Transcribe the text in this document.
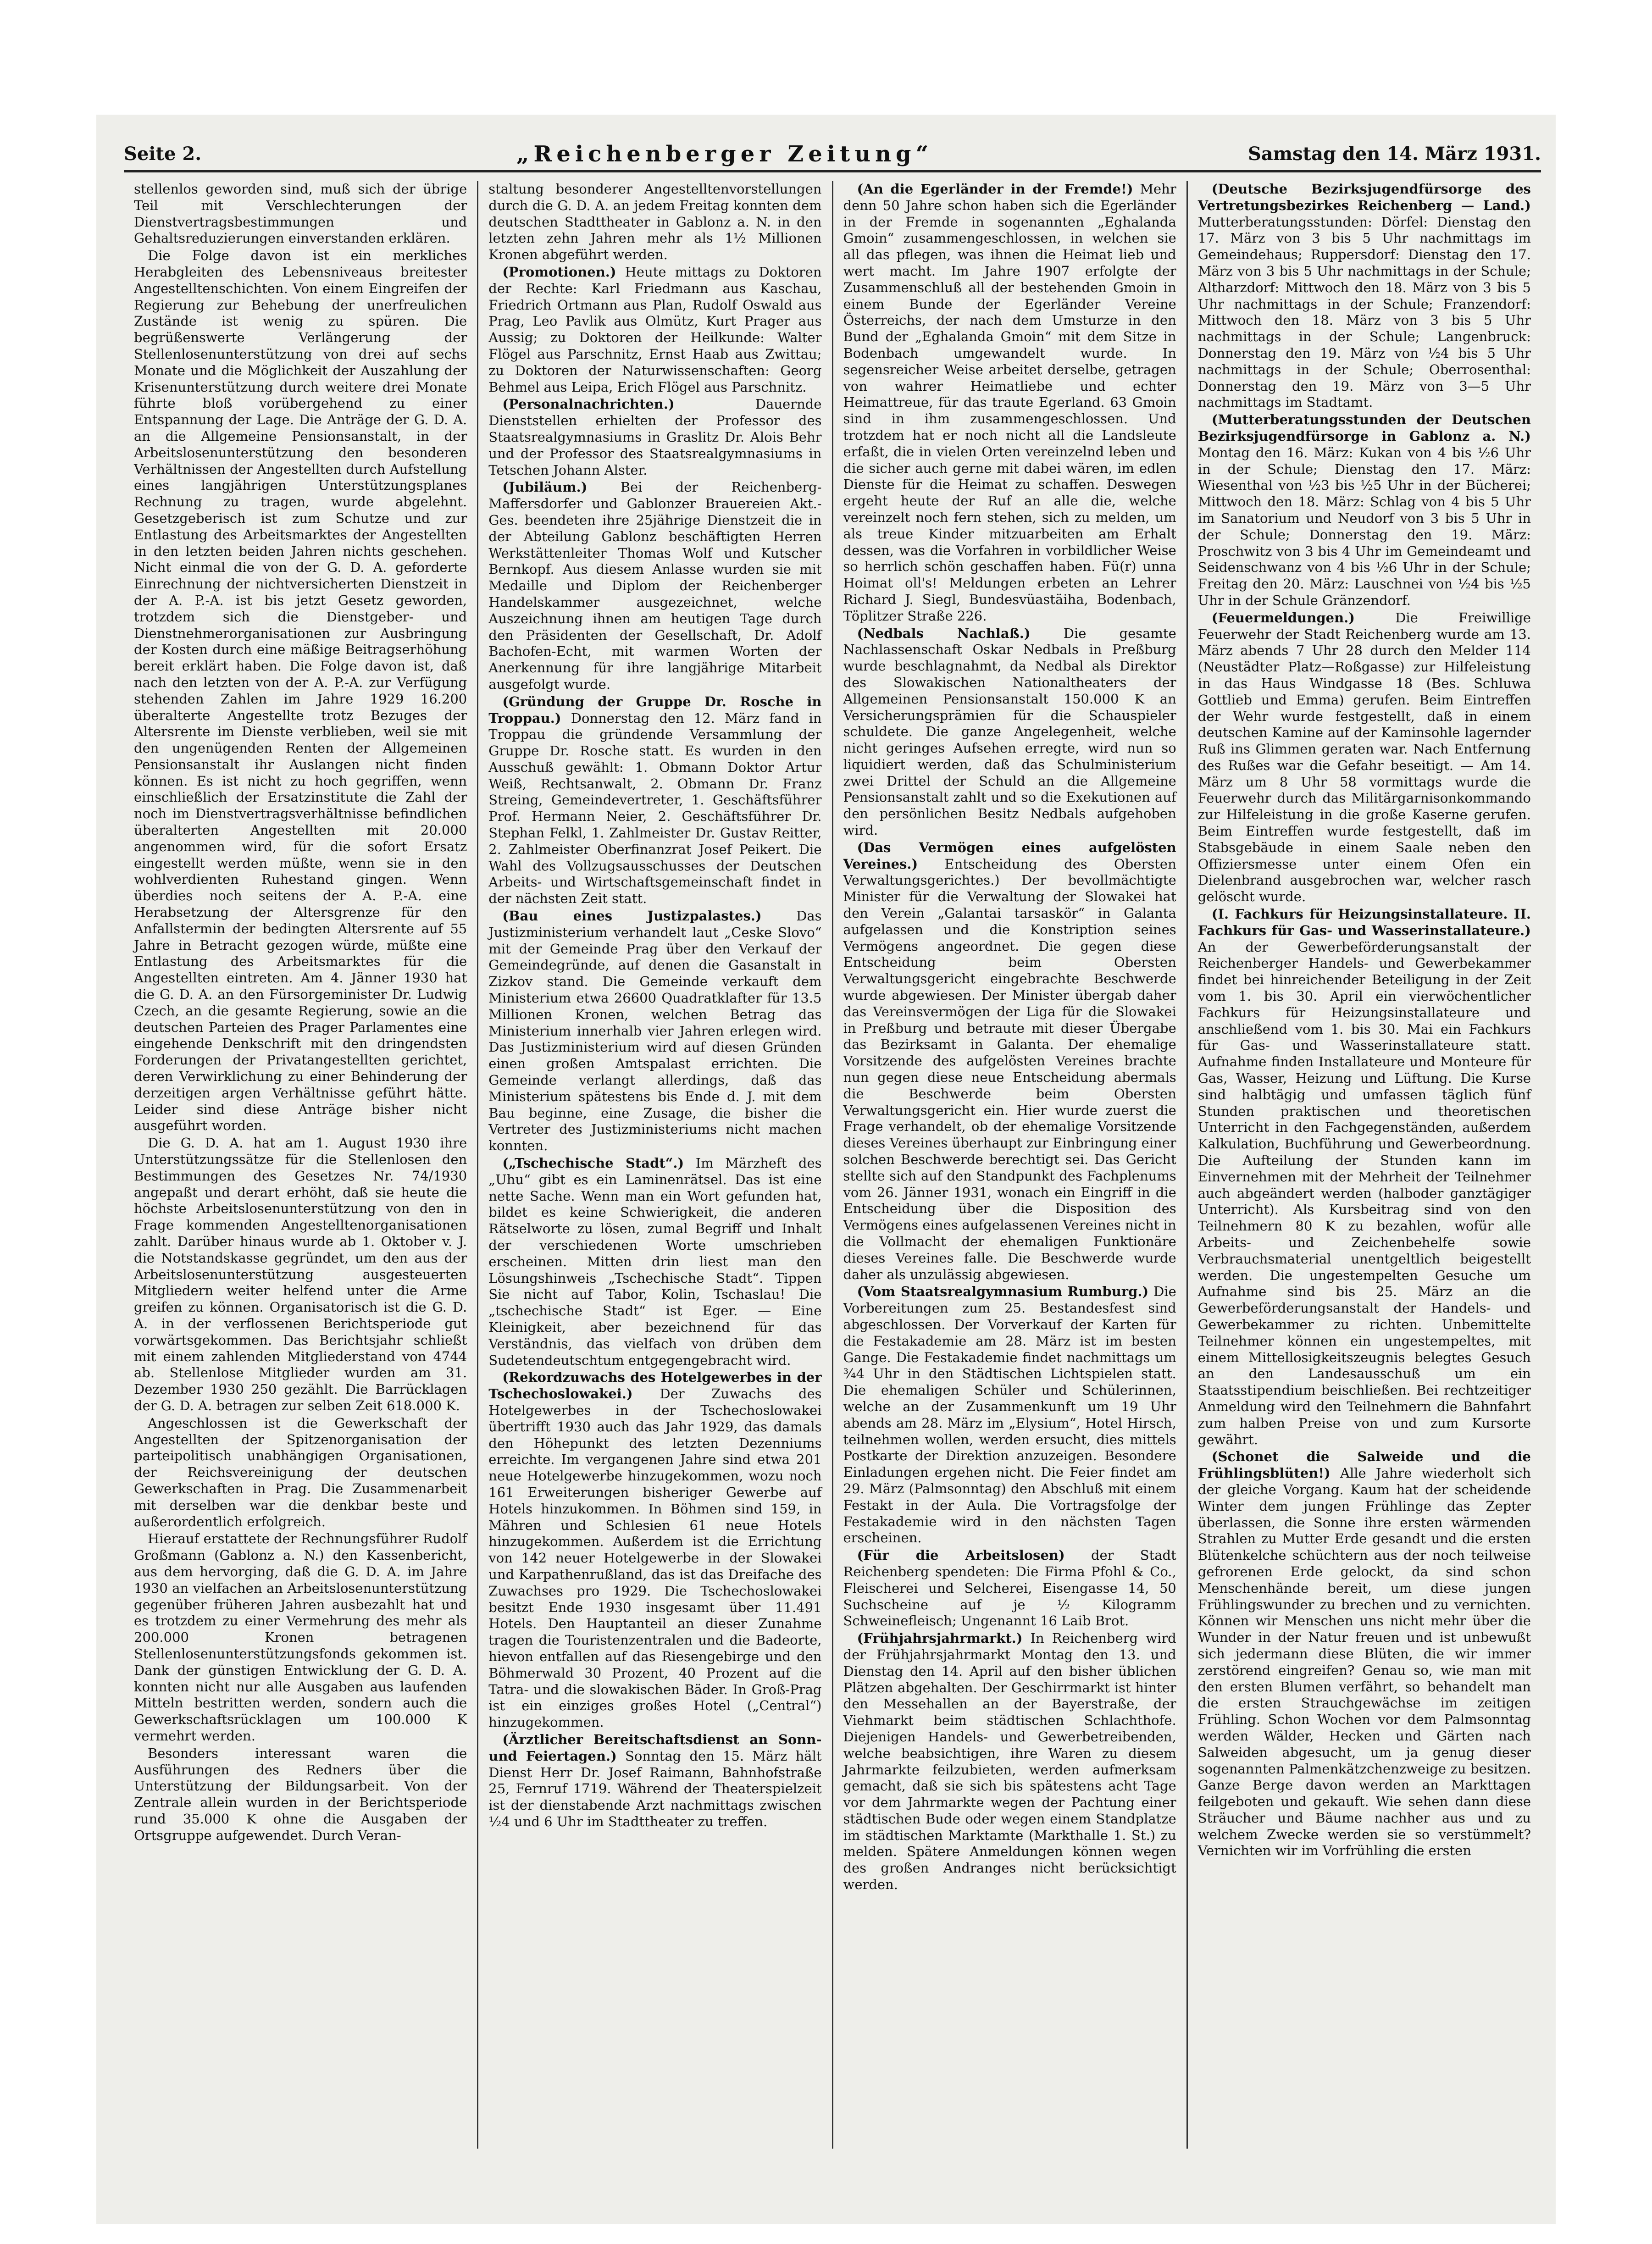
Seite 2.	„Reichenberger Zeitung“	Samstag den 14. März 1931.

stellenlos geworden sind, muß sich der übrige Teil mit Verschlechterungen der Dienstvertragsbestimmungen und Gehaltsreduzierungen einverstanden erklären.

Die Folge davon ist ein merkliches Herabgleiten des Lebensniveaus breitester Angestelltenschichten. Von einem Eingreifen der Regierung zur Behebung der unerfreulichen Zustände ist wenig zu spüren. Die begrüßenswerte Verlängerung der Stellenlosenunterstützung von drei auf sechs Monate und die Möglichkeit der Auszahlung der Krisenunterstützung durch weitere drei Monate führte bloß vorübergehend zu einer Entspannung der Lage. Die Anträge der G. D. A. an die Allgemeine Pensionsanstalt, in der Arbeitslosenunterstützung den besonderen Verhältnissen der Angestellten durch Aufstellung eines langjährigen Unterstützungsplanes Rechnung zu tragen, wurde abgelehnt. Gesetzgeberisch ist zum Schutze und zur Entlastung des Arbeitsmarktes der Angestellten in den letzten beiden Jahren nichts geschehen. Nicht einmal die von der G. D. A. geforderte Einrechnung der nichtversicherten Dienstzeit in der A. P.-A. ist bis jetzt Gesetz geworden, trotzdem sich die Dienstgeber- und Dienstnehmerorganisationen zur Ausbringung der Kosten durch eine mäßige Beitragserhöhung bereit erklärt haben. Die Folge davon ist, daß nach den letzten von der A. P.-A. zur Verfügung stehenden Zahlen im Jahre 1929 16.200 überalterte Angestellte trotz Bezuges der Altersrente im Dienste verblieben, weil sie mit den ungenügenden Renten der Allgemeinen Pensionsanstalt ihr Auslangen nicht finden können. Es ist nicht zu hoch gegriffen, wenn einschließlich der Ersatzinstitute die Zahl der noch im Dienstvertragsverhältnisse befindlichen überalterten Angestellten mit 20.000 angenommen wird, für die sofort Ersatz eingestellt werden müßte, wenn sie in den wohlverdienten Ruhestand gingen. Wenn überdies noch seitens der A. P.-A. eine Herabsetzung der Altersgrenze für den Anfallstermin der bedingten Altersrente auf 55 Jahre in Betracht gezogen würde, müßte eine Entlastung des Arbeitsmarktes für die Angestellten eintreten. Am 4. Jänner 1930 hat die G. D. A. an den Fürsorgeminister Dr. Ludwig Czech, an die gesamte Regierung, sowie an die deutschen Parteien des Prager Parlamentes eine eingehende Denkschrift mit den dringendsten Forderungen der Privatangestellten gerichtet, deren Verwirklichung zu einer Behinderung der derzeitigen argen Verhältnisse geführt hätte. Leider sind diese Anträge bisher nicht ausgeführt worden.

Die G. D. A. hat am 1. August 1930 ihre Unterstützungssätze für die Stellenlosen den Bestimmungen des Gesetzes Nr. 74/1930 angepaßt und derart erhöht, daß sie heute die höchste Arbeitslosenunterstützung von den in Frage kommenden Angestelltenorganisationen zahlt. Darüber hinaus wurde ab 1. Oktober v. J. die Notstandskasse gegründet, um den aus der Arbeitslosenunterstützung ausgesteuerten Mitgliedern weiter helfend unter die Arme greifen zu können. Organisatorisch ist die G. D. A. in der verflossenen Berichtsperiode gut vorwärtsgekommen. Das Berichtsjahr schließt mit einem zahlenden Mitgliederstand von 4744 ab. Stellenlose Mitglieder wurden am 31. Dezember 1930 250 gezählt. Die Barrücklagen der G. D. A. betragen zur selben Zeit 618.000 K.

Angeschlossen ist die Gewerkschaft der Angestellten der Spitzenorganisation der parteipolitisch unabhängigen Organisationen, der Reichsvereinigung der deutschen Gewerkschaften in Prag. Die Zusammenarbeit mit derselben war die denkbar beste und außerordentlich erfolgreich.

Hierauf erstattete der Rechnungsführer Rudolf Großmann (Gablonz a. N.) den Kassenbericht, aus dem hervorging, daß die G. D. A. im Jahre 1930 an vielfachen an Arbeitslosenunterstützung gegenüber früheren Jahren ausbezahlt hat und es trotzdem zu einer Vermehrung des mehr als 200.000 Kronen betragenen Stellenlosenunterstützungsfonds gekommen ist. Dank der günstigen Entwicklung der G. D. A. konnten nicht nur alle Ausgaben aus laufenden Mitteln bestritten werden, sondern auch die Gewerkschaftsrücklagen um 100.000 K vermehrt werden.

Besonders interessant waren die Ausführungen des Redners über die Unterstützung der Bildungsarbeit. Von der Zentrale allein wurden in der Berichtsperiode rund 35.000 K ohne die Ausgaben der Ortsgruppe aufgewendet. Durch Veran-

staltung besonderer Angestelltenvorstellungen durch die G. D. A. an jedem Freitag konnten dem deutschen Stadttheater in Gablonz a. N. in den letzten zehn Jahren mehr als 1½ Millionen Kronen abgeführt werden.

(Promotionen.) Heute mittags zu Doktoren der Rechte: Karl Friedmann aus Kaschau, Friedrich Ortmann aus Plan, Rudolf Oswald aus Prag, Leo Pavlik aus Olmütz, Kurt Prager aus Aussig; zu Doktoren der Heilkunde: Walter Flögel aus Parschnitz, Ernst Haab aus Zwittau; zu Doktoren der Naturwissenschaften: Georg Behmel aus Leipa, Erich Flögel aus Parschnitz.

(Personalnachrichten.)	Dauernde Dienststellen erhielten der Professor des Staatsrealgymnasiums in Graslitz Dr. Alois Behr und der Professor des Staatsrealgymnasiums in Tetschen Johann Alster.

(Jubiläum.) Bei der Reichenberg-Maffersdorfer und Gablonzer Brauereien Akt.-Ges. beendeten ihre 25jährige Dienstzeit die in der Abteilung Gablonz beschäftigten Herren Werkstättenleiter Thomas Wolf und Kutscher Bernkopf. Aus diesem Anlasse wurden sie mit Medaille und Diplom der Reichenberger Handelskammer ausgezeichnet, welche Auszeichnung ihnen am heutigen Tage durch den Präsidenten der Gesellschaft, Dr. Adolf Bachofen-Echt, mit warmen Worten der Anerkennung für ihre langjährige Mitarbeit ausgefolgt wurde.

(Gründung der Gruppe Dr. Rosche in Troppau.) Donnerstag den 12. März fand in Troppau die gründende Versammlung der Gruppe Dr. Rosche statt. Es wurden in den Ausschuß gewählt: 1. Obmann Doktor Artur Weiß, Rechtsanwalt, 2. Obmann Dr. Franz Streing, Gemeindevertreter, 1. Geschäftsführer Prof. Hermann Neier, 2. Geschäftsführer Dr. Stephan Felkl, 1. Zahlmeister Dr. Gustav Reitter, 2. Zahlmeister Oberfinanzrat Josef Peikert. Die Wahl des Vollzugsausschusses der Deutschen Arbeits- und Wirtschaftsgemeinschaft findet in der nächsten Zeit statt.

(Bau eines Justizpalastes.)	Das Justizministerium verhandelt laut „Ceske Slovo“ mit der Gemeinde Prag über den Verkauf der Gemeindegründe, auf denen die Gasanstalt in Zizkov stand. Die Gemeinde verkauft dem Ministerium etwa 26600 Quadratklafter für 13.5 Millionen Kronen, welchen Betrag das Ministerium innerhalb vier Jahren erlegen wird. Das Justizministerium wird auf diesen Gründen einen großen Amtspalast errichten. Die Gemeinde verlangt allerdings, daß das Ministerium spätestens bis Ende d. J. mit dem Bau beginne, eine Zusage, die bisher die Vertreter des Justizministeriums nicht machen konnten.

(„Tschechische Stadt“.) Im Märzheft des „Uhu“ gibt es ein Laminenrätsel. Das ist eine nette Sache. Wenn man ein Wort gefunden hat, bildet es keine Schwierigkeit, die anderen Rätselworte zu lösen, zumal Begriff und Inhalt der verschiedenen Worte umschrieben erscheinen. Mitten drin liest man den Lösungshinweis „Tschechische Stadt“. Tippen Sie nicht auf Tabor, Kolin, Tschaslau! Die „tschechische Stadt“ ist Eger. — Eine Kleinigkeit, aber bezeichnend für das Verständnis, das vielfach von drüben dem Sudetendeutschtum entgegengebracht wird.

(Rekordzuwachs des Hotelgewerbes in der Tschechoslowakei.) Der Zuwachs des Hotelgewerbes in der Tschechoslowakei übertrifft 1930 auch das Jahr 1929, das damals den Höhepunkt des letzten Dezenniums erreichte. Im vergangenen Jahre sind etwa 201 neue Hotelgewerbe hinzugekommen, wozu noch 161 Erweiterungen bisheriger Gewerbe auf Hotels hinzukommen. In Böhmen sind 159, in Mähren und Schlesien 61 neue Hotels hinzugekommen. Außerdem ist die Errichtung von 142 neuer Hotelgewerbe in der Slowakei und Karpathenrußland, das ist das Dreifache des Zuwachses pro 1929. Die Tschechoslowakei besitzt Ende 1930 insgesamt über 11.491 Hotels. Den Hauptanteil an dieser Zunahme tragen die Touristenzentralen und die Badeorte, hievon entfallen auf das Riesengebirge und den Böhmerwald 30 Prozent, 40 Prozent auf die Tatra- und die slowakischen Bäder. In Groß-Prag ist ein einziges großes Hotel („Central“) hinzugekommen.

(Ärztlicher Bereitschaftsdienst an Sonn- und Feiertagen.) Sonntag den 15. März hält Dienst Herr Dr. Josef Raimann, Bahnhofstraße 25, Fernruf 1719. Während der Theaterspielzeit ist der dienstabende Arzt nachmittags zwischen ½4 und 6 Uhr im Stadttheater zu treffen.

(An die Egerländer in der Fremde!) Mehr denn 50 Jahre schon haben sich die Egerländer in der Fremde in sogenannten „Eghalanda Gmoin“ zusammengeschlossen, in welchen sie all das pflegen, was ihnen die Heimat lieb und wert macht. Im Jahre 1907 erfolgte der Zusammenschluß all der bestehenden Gmoin in einem Bunde der Egerländer Vereine Österreichs, der nach dem Umsturze in den Bund der „Eghalanda Gmoin“ mit dem Sitze in Bodenbach umgewandelt wurde. In segensreicher Weise arbeitet derselbe, getragen von wahrer Heimatliebe und echter Heimattreue, für das traute Egerland. 63 Gmoin sind in ihm zusammengeschlossen. Und trotzdem hat er noch nicht all die Landsleute erfaßt, die in vielen Orten vereinzelnd leben und die sicher auch gerne mit dabei wären, im edlen Dienste für die Heimat zu schaffen. Deswegen ergeht heute der Ruf an alle die, welche vereinzelt noch fern stehen, sich zu melden, um als treue Kinder mitzuarbeiten am Erhalt dessen, was die Vorfahren in vorbildlicher Weise so herrlich schön geschaffen haben. Fü(r) unna Hoimat oll's! Meldungen erbeten an Lehrer Richard J. Siegl, Bundesvüastäiha, Bodenbach, Töplitzer Straße 226.

(Nedbals Nachlaß.) Die gesamte Nachlassenschaft Oskar Nedbals in Preßburg wurde beschlagnahmt, da Nedbal als Direktor des Slowakischen Nationaltheaters der Allgemeinen Pensionsanstalt 150.000 K an Versicherungsprämien für die Schauspieler schuldete. Die ganze Angelegenheit, welche nicht geringes Aufsehen erregte, wird nun so liquidiert werden, daß das Schulministerium zwei Drittel der Schuld an die Allgemeine Pensionsanstalt zahlt und so die Exekutionen auf den persönlichen Besitz Nedbals aufgehoben wird.

(Das Vermögen eines aufgelösten Vereines.) Entscheidung des Obersten Verwaltungsgerichtes.) Der bevollmächtigte Minister für die Verwaltung der Slowakei hat den Verein „Galantai tarsaskör“ in Galanta aufgelassen und die Konstription seines Vermögens angeordnet. Die gegen diese Entscheidung beim Obersten Verwaltungsgericht eingebrachte Beschwerde wurde abgewiesen. Der Minister übergab daher das Vereinsvermögen der Liga für die Slowakei in Preßburg und betraute mit dieser Übergabe das Bezirksamt in Galanta. Der ehemalige Vorsitzende des aufgelösten Vereines brachte nun gegen diese neue Entscheidung abermals die Beschwerde beim Obersten Verwaltungsgericht ein. Hier wurde zuerst die Frage verhandelt, ob der ehemalige Vorsitzende dieses Vereines überhaupt zur Einbringung einer solchen Beschwerde berechtigt sei. Das Gericht stellte sich auf den Standpunkt des Fachplenums vom 26. Jänner 1931, wonach ein Eingriff in die Entscheidung über die Disposition des Vermögens eines aufgelassenen Vereines nicht in die Vollmacht der ehemaligen Funktionäre dieses Vereines falle. Die Beschwerde wurde daher als unzulässig abgewiesen.

(Vom Staatsrealgymnasium Rumburg.) Die Vorbereitungen zum 25. Bestandesfest sind abgeschlossen. Der Vorverkauf der Karten für die Festakademie am 28. März ist im besten Gange. Die Festakademie findet nachmittags um ¾4 Uhr in den Städtischen Lichtspielen statt. Die ehemaligen Schüler und Schülerinnen, welche an der Zusammenkunft um 19 Uhr abends am 28. März im „Elysium“, Hotel Hirsch, teilnehmen wollen, werden ersucht, dies mittels Postkarte der Direktion anzuzeigen. Besondere Einladungen ergehen nicht. Die Feier findet am 29. März (Palmsonntag) den Abschluß mit einem Festakt in der Aula. Die Vortragsfolge der Festakademie wird in den nächsten Tagen erscheinen.

(Für die Arbeitslosen) der Stadt Reichenberg spendeten: Die Firma Pfohl & Co., Fleischerei und Selcherei, Eisengasse 14, 50 Suchscheine auf je ½ Kilogramm Schweinefleisch; Ungenannt 16 Laib Brot.

(Frühjahrsjahrmarkt.) In Reichenberg wird der Frühjahrsjahrmarkt Montag den 13. und Dienstag den 14. April auf den bisher üblichen Plätzen abgehalten. Der Geschirrmarkt ist hinter den Messehallen an der Bayerstraße, der Viehmarkt beim städtischen Schlachthofe. Diejenigen Handels- und Gewerbetreibenden, welche beabsichtigen, ihre Waren zu diesem Jahrmarkte feilzubieten, werden aufmerksam gemacht, daß sie sich bis spätestens acht Tage vor dem Jahrmarkte wegen der Pachtung einer städtischen Bude oder wegen einem Standplatze im städtischen Marktamte (Markthalle 1. St.) zu melden. Spätere Anmeldungen können wegen des großen Andranges nicht berücksichtigt werden.

(Deutsche Bezirksjugendfürsorge des Vertretungsbezirkes Reichenberg — Land.) Mutterberatungsstunden: Dörfel: Dienstag den 17. März von 3 bis 5 Uhr nachmittags im Gemeindehaus; Ruppersdorf: Dienstag den 17. März von 3 bis 5 Uhr nachmittags in der Schule; Altharzdorf: Mittwoch den 18. März von 3 bis 5 Uhr nachmittags in der Schule; Franzendorf: Mittwoch den 18. März von 3 bis 5 Uhr nachmittags in der Schule; Langenbruck: Donnerstag den 19. März von ½4 bis 5 Uhr nachmittags in der Schule; Oberrosenthal: Donnerstag den 19. März von 3—5 Uhr nachmittags im Stadtamt.

(Mutterberatungsstunden der Deutschen Bezirksjugendfürsorge in Gablonz a. N.) Montag den 16. März: Kukan von 4 bis ½6 Uhr in der Schule; Dienstag den 17. März: Wiesenthal von ½3 bis ½5 Uhr in der Bücherei; Mittwoch den 18. März: Schlag von 4 bis 5 Uhr im Sanatorium und Neudorf von 3 bis 5 Uhr in der Schule; Donnerstag den 19. März: Proschwitz von 3 bis 4 Uhr im Gemeindeamt und Seidenschwanz von 4 bis ½6 Uhr in der Schule; Freitag den 20. März: Lauschnei von ½4 bis ½5 Uhr in der Schule Gränzendorf.

(Feuermeldungen.)	Die Freiwillige Feuerwehr der Stadt Reichenberg wurde am 13. März abends 7 Uhr 28 durch den Melder 114 (Neustädter Platz—Roßgasse) zur Hilfeleistung in das Haus Windgasse 18 (Bes. Schluwa Gottlieb und Emma) gerufen. Beim Eintreffen der Wehr wurde festgestellt, daß in einem deutschen Kamine auf der Kaminsohle lagernder Ruß ins Glimmen geraten war. Nach Entfernung des Rußes war die Gefahr beseitigt. — Am 14. März um 8 Uhr 58 vormittags wurde die Feuerwehr durch das Militärgarnisonkommando zur Hilfeleistung in die große Kaserne gerufen. Beim Eintreffen wurde festgestellt, daß im Stabsgebäude in einem Saale neben den Offiziersmesse unter einem Ofen ein Dielenbrand ausgebrochen war, welcher rasch gelöscht wurde.

(I. Fachkurs für Heizungsinstallateure. II. Fachkurs für Gas- und Wasserinstallateure.) An der Gewerbeförderungsanstalt der Reichenberger Handels- und Gewerbekammer findet bei hinreichender Beteiligung in der Zeit vom 1. bis 30. April ein vierwöchentlicher Fachkurs für Heizungsinstallateure und anschließend vom 1. bis 30. Mai ein Fachkurs für Gas- und Wasserinstallateure statt. Aufnahme finden Installateure und Monteure für Gas, Wasser, Heizung und Lüftung. Die Kurse sind halbtägig und umfassen täglich fünf Stunden praktischen und theoretischen Unterricht in den Fachgegenständen, außerdem Kalkulation, Buchführung und Gewerbeordnung. Die Aufteilung der Stunden kann im Einvernehmen mit der Mehrheit der Teilnehmer auch abgeändert werden (halboder ganztägiger Unterricht). Als Kursbeitrag sind von den Teilnehmern 80 K zu bezahlen, wofür alle Arbeits- und Zeichenbehelfe sowie Verbrauchsmaterial unentgeltlich beigestellt werden. Die ungestempelten Gesuche um Aufnahme sind bis 25. März an die Gewerbeförderungsanstalt der Handels- und Gewerbekammer zu richten. Unbemittelte Teilnehmer können ein ungestempeltes, mit einem Mittellosigkeitszeugnis belegtes Gesuch an den Landesausschuß um ein Staatsstipendium beischließen. Bei rechtzeitiger Anmeldung wird den Teilnehmern die Bahnfahrt zum halben Preise von und zum Kursorte gewährt.

(Schonet die Salweide und die Frühlingsblüten!) Alle Jahre wiederholt sich der gleiche Vorgang. Kaum hat der scheidende Winter dem jungen Frühlinge das Zepter überlassen, die Sonne ihre ersten wärmenden Strahlen zu Mutter Erde gesandt und die ersten Blütenkelche schüchtern aus der noch teilweise gefrorenen Erde gelockt, da sind schon Menschenhände bereit, um diese jungen Frühlingswunder zu brechen und zu vernichten. Können wir Menschen uns nicht mehr über die Wunder in der Natur freuen und ist unbewußt sich jedermann diese Blüten, die wir immer zerstörend eingreifen? Genau so, wie man mit den ersten Blumen verfährt, so behandelt man die ersten Strauchgewächse im zeitigen Frühling. Schon Wochen vor dem Palmsonntag werden Wälder, Hecken und Gärten nach Salweiden abgesucht, um ja genug dieser sogenannten Palmenkätzchenzweige zu besitzen. Ganze Berge davon werden an Markttagen feilgeboten und gekauft. Wie sehen dann diese Sträucher und Bäume nachher aus und zu welchem Zwecke werden sie so verstümmelt? Vernichten wir im Vorfrühling die ersten
